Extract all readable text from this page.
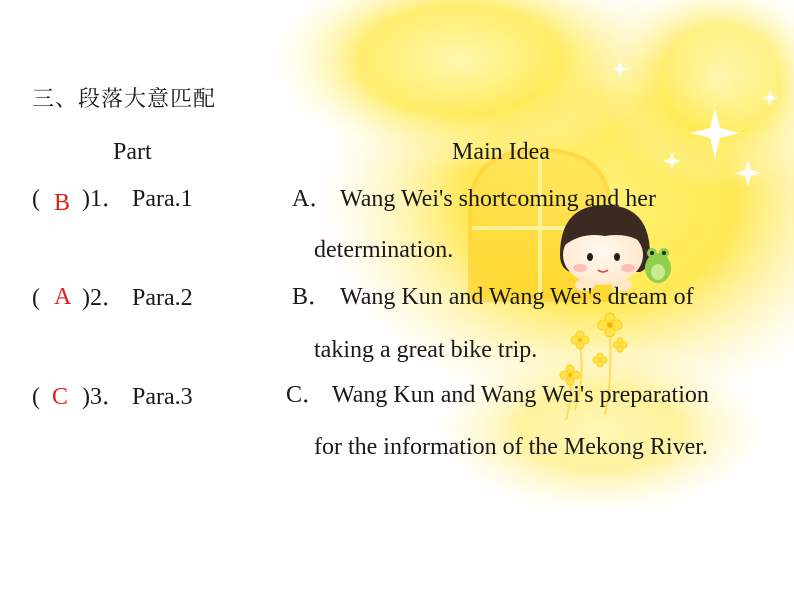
三、段落大意匹配
Part	Main Idea
( B )1． Para.1	A． Wang Wei's shortcoming and her
determination.
( A )2． Para.2	B． Wang Kun and Wang Wei's dream of
taking a great bike trip.
( C )3． Para.3	C． Wang Kun and Wang Wei's preparation
for the information of the Mekong River.
